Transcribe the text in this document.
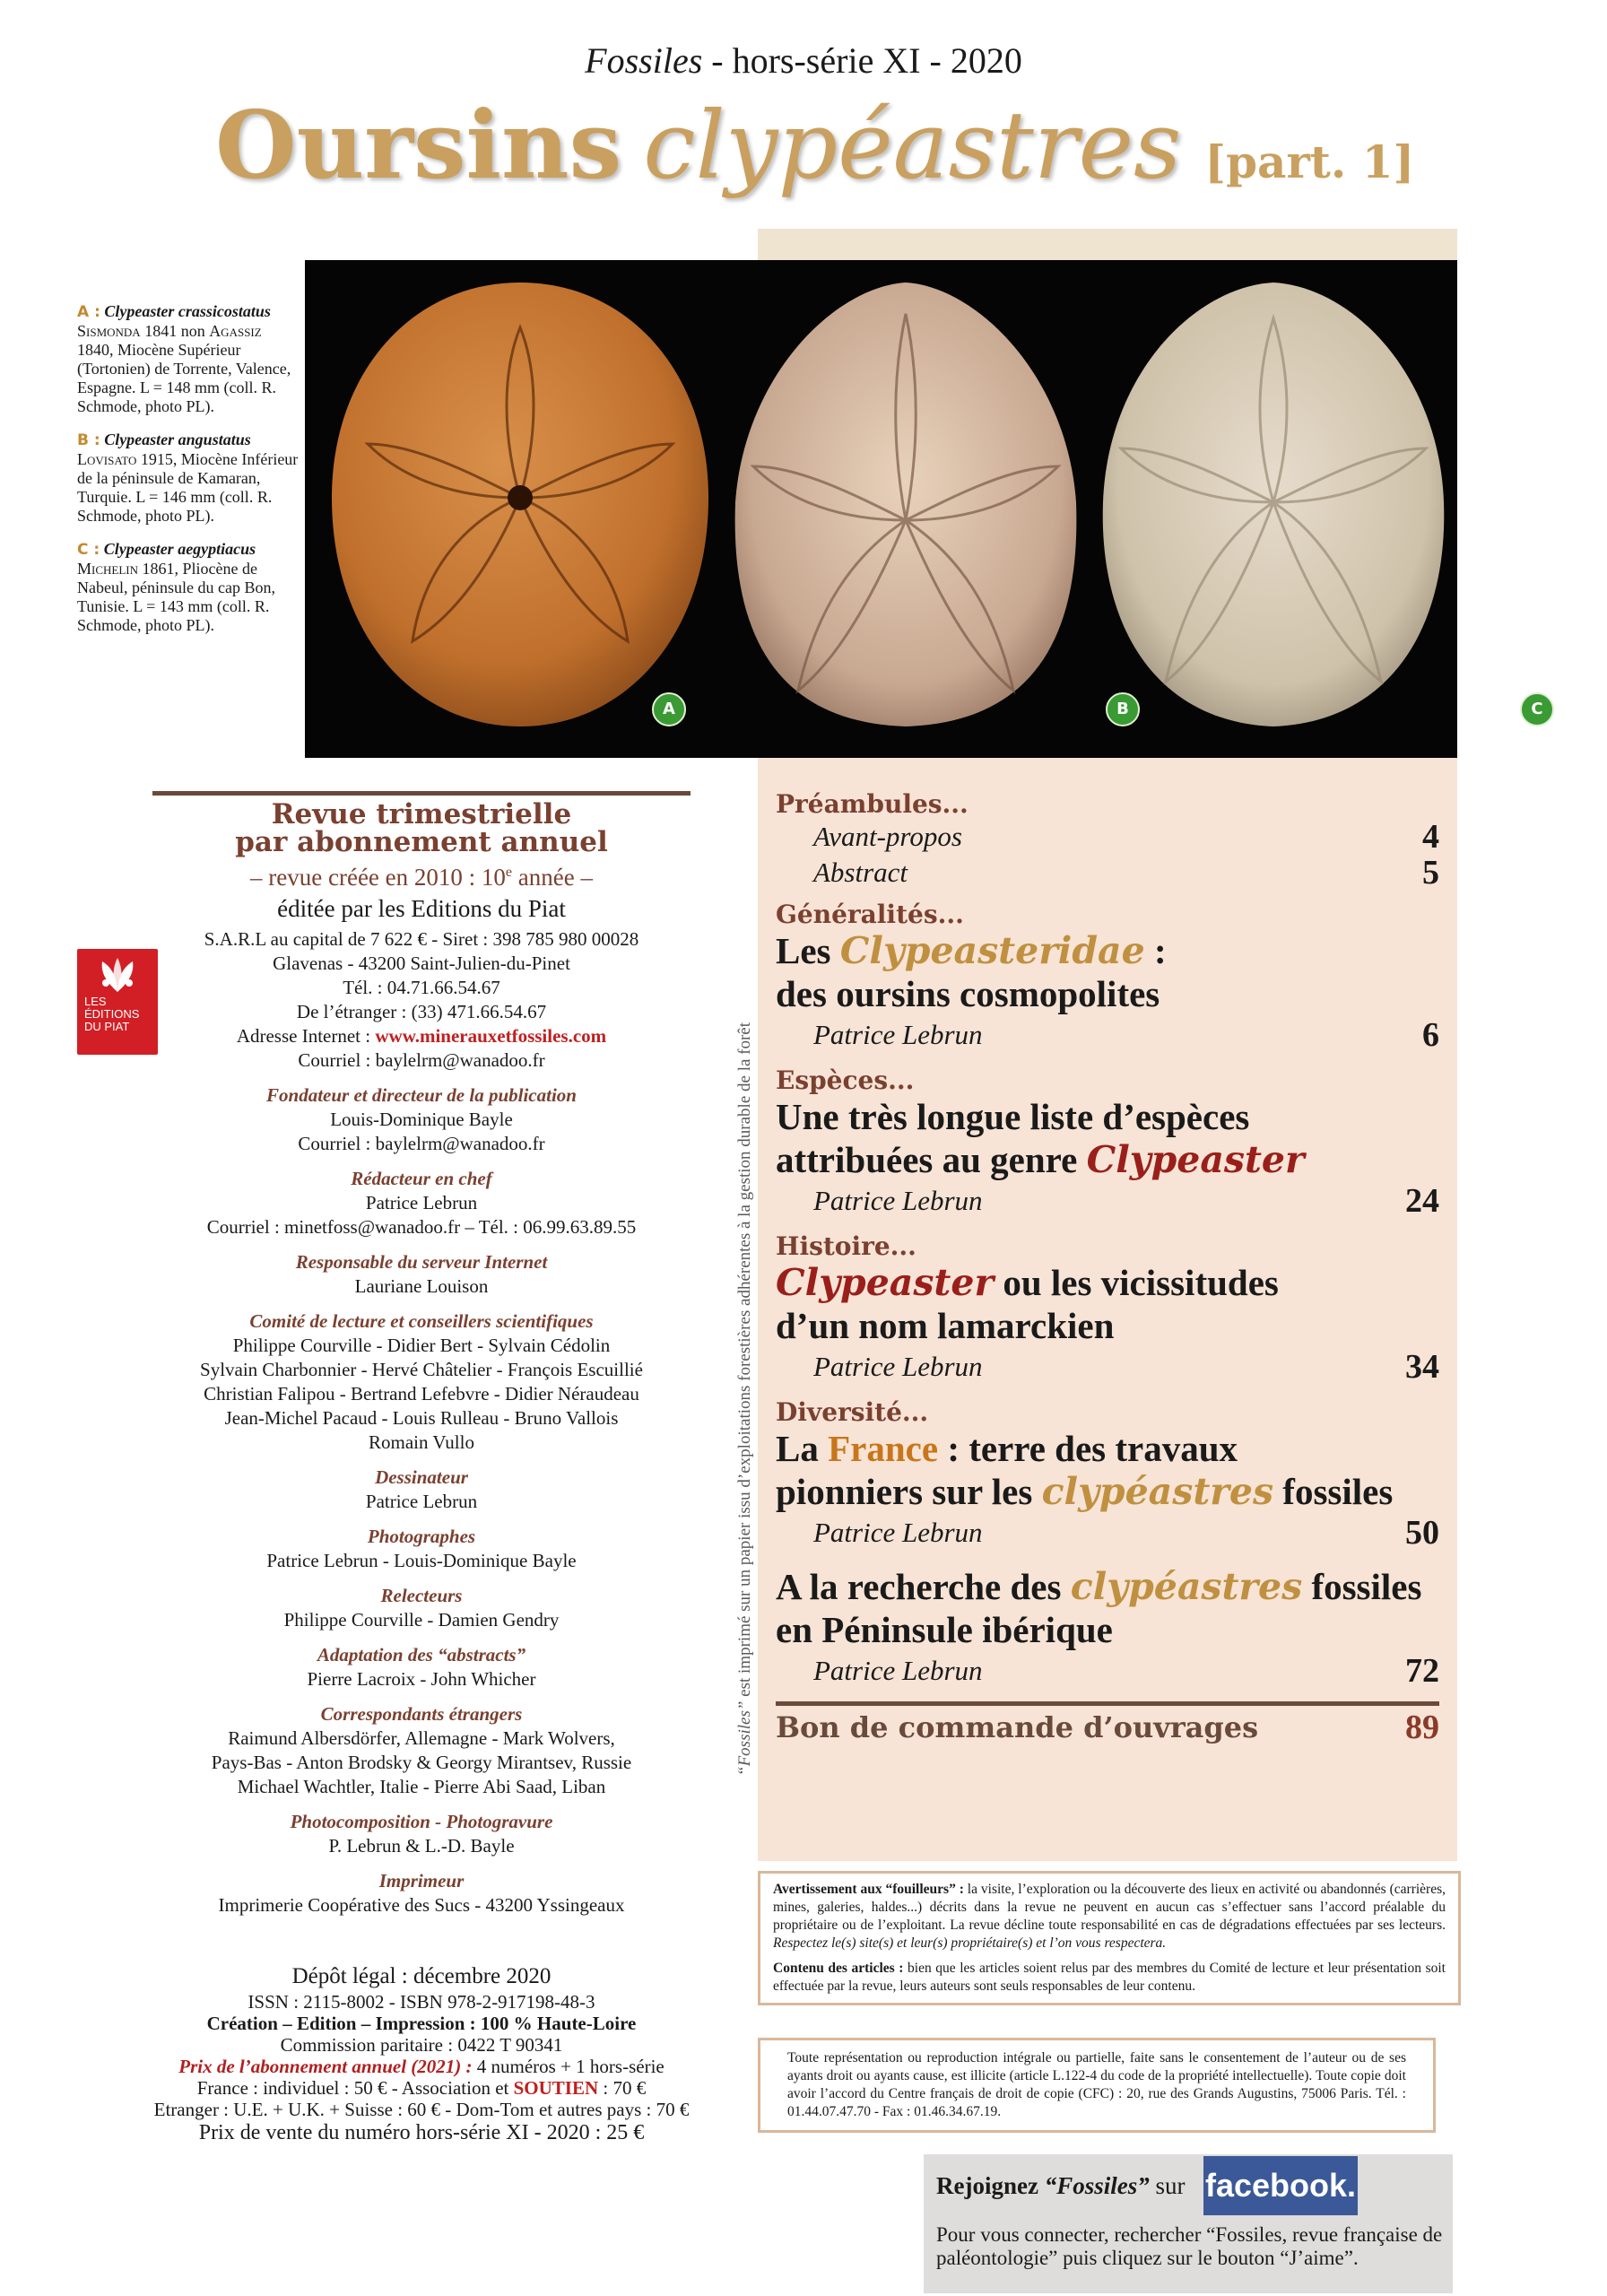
Fossiles - hors-série XI - 2020
Oursins clypéastres [part. 1]
A	B	C
A : Clypeaster crassicostatus Sismonda 1841 non Agassiz 1840, Miocène Supérieur (Tortonien) de Torrente, Valence, Espagne. L = 148 mm (coll. R. Schmode, photo PL).
B : Clypeaster angustatus Lovisato 1915, Miocène Inférieur de la péninsule de Kamaran, Turquie. L = 146 mm (coll. R. Schmode, photo PL).
C : Clypeaster aegyptiacus Michelin 1861, Pliocène de Nabeul, péninsule du cap Bon, Tunisie. L = 143 mm (coll. R. Schmode, photo PL).
LES ÉDITIONS DU PIAT
Revue trimestrielle
par abonnement annuel
– revue créée en 2010 : 10e année –
éditée par les Editions du Piat
S.A.R.L au capital de 7 622 € - Siret : 398 785 980 00028
Glavenas - 43200 Saint-Julien-du-Pinet
Tél. : 04.71.66.54.67
De l’étranger : (33) 471.66.54.67
Adresse Internet : www.minerauxetfossiles.com
Courriel : baylelrm@wanadoo.fr
Fondateur et directeur de la publication
Louis-Dominique Bayle
Courriel : baylelrm@wanadoo.fr
Rédacteur en chef
Patrice Lebrun
Courriel : minetfoss@wanadoo.fr – Tél. : 06.99.63.89.55
Responsable du serveur Internet
Lauriane Louison
Comité de lecture et conseillers scientifiques
Philippe Courville - Didier Bert - Sylvain Cédolin
Sylvain Charbonnier - Hervé Châtelier - François Escuillié
Christian Falipou - Bertrand Lefebvre - Didier Néraudeau
Jean-Michel Pacaud - Louis Rulleau - Bruno Vallois
Romain Vullo
Dessinateur
Patrice Lebrun
Photographes
Patrice Lebrun - Louis-Dominique Bayle
Relecteurs
Philippe Courville - Damien Gendry
Adaptation des “abstracts”
Pierre Lacroix - John Whicher
Correspondants étrangers
Raimund Albersdörfer, Allemagne - Mark Wolvers,
Pays-Bas - Anton Brodsky & Georgy Mirantsev, Russie
Michael Wachtler, Italie - Pierre Abi Saad, Liban
Photocomposition - Photogravure
P. Lebrun & L.-D. Bayle
Imprimeur
Imprimerie Coopérative des Sucs - 43200 Yssingeaux
“Fossiles” est imprimé sur un papier issu d’exploitations forestières adhérentes à la gestion durable de la forêt
Préambules...
Avant-propos	4
Abstract	5
Généralités...
Les Clypeasteridae :
des oursins cosmopolites
Patrice Lebrun	6
Espèces...
Une très longue liste d’espèces
attribuées au genre Clypeaster
Patrice Lebrun	24
Histoire...
Clypeaster ou les vicissitudes
d’un nom lamarckien
Patrice Lebrun	34
Diversité...
La France : terre des travaux
pionniers sur les clypéastres fossiles
Patrice Lebrun	50
A la recherche des clypéastres fossiles
en Péninsule ibérique
Patrice Lebrun	72
Bon de commande d’ouvrages	89
Avertissement aux “fouilleurs” : la visite, l’exploration ou la découverte des lieux en activité ou abandonnés (carrières, mines, galeries, haldes...) décrits dans la revue ne peuvent en aucun cas s’effectuer sans l’accord préalable du propriétaire ou de l’exploitant. La revue décline toute responsabilité en cas de dégradations effectuées par ses lecteurs. Respectez le(s) site(s) et leur(s) propriétaire(s) et l’on vous respectera.
Contenu des articles : bien que les articles soient relus par des membres du Comité de lecture et leur présentation soit effectuée par la revue, leurs auteurs sont seuls responsables de leur contenu.
Toute représentation ou reproduction intégrale ou partielle, faite sans le consentement de l’auteur ou de ses ayants droit ou ayants cause, est illicite (article L.122-4 du code de la propriété intellectuelle). Toute copie doit avoir l’accord du Centre français de droit de copie (CFC) : 20, rue des Grands Augustins, 75006 Paris. Tél. : 01.44.07.47.70 - Fax : 01.46.34.67.19.
Dépôt légal : décembre 2020
ISSN : 2115-8002 - ISBN 978-2-917198-48-3
Création – Edition – Impression : 100 % Haute-Loire
Commission paritaire : 0422 T 90341
Prix de l’abonnement annuel (2021) : 4 numéros + 1 hors-série
France : individuel : 50 € - Association et SOUTIEN : 70 €
Etranger : U.E. + U.K. + Suisse : 60 € - Dom-Tom et autres pays : 70 €
Prix de vente du numéro hors-série XI - 2020 : 25 €
Rejoignez “Fossiles” sur facebook.
Pour vous connecter, rechercher “Fossiles, revue française de paléontologie” puis cliquez sur le bouton “J’aime”.
